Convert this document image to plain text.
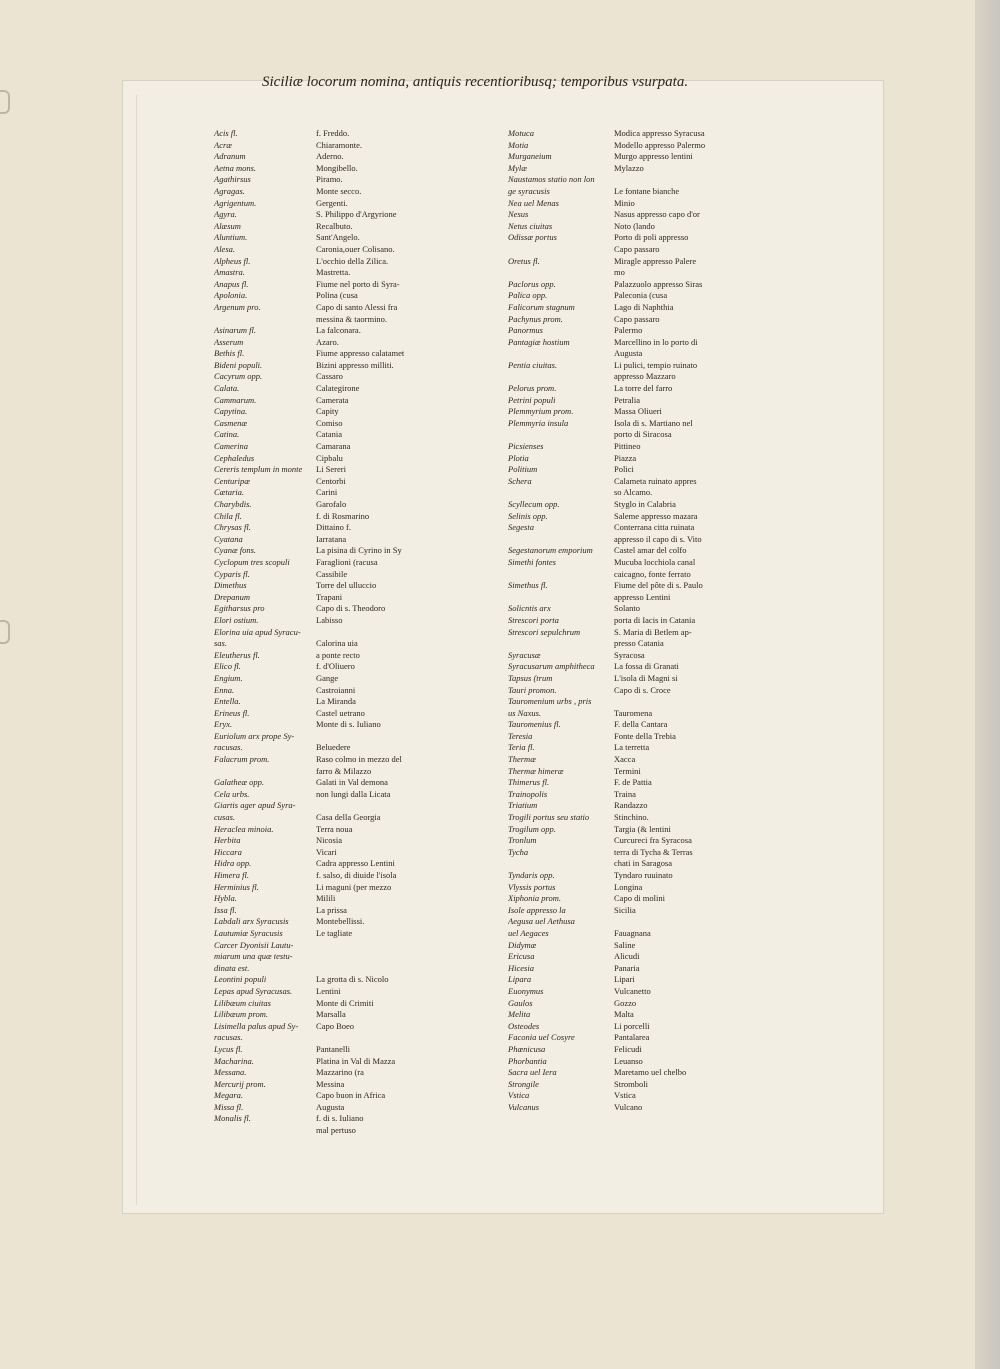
Siciliæ locorum nomina, antiquis recentioribusq; temporibus vsurpata.
Acis fl.
Acræ
Adranum
Aetna mons.
Agathirsus
Agragas.
Agrigentum.
Agyra.
Alæsum
Aluntium.
Alesa.
Alpheus fl.
Amastra.
Anapus fl.
Apolonia.
Argenum pro.
Asinarum fl.
Asserum
Bethis fl.
Bideni populi.
Cacyrum opp.
Calata.
Cammarum.
Capytina.
Casmenæ
Catina.
Camerina
Cephaledus
Cereris templum in monte
Centuripæ
Cætaria.
Charybdis.
Chila fl.
Chrysas fl.
Cyatana
Cyanæ fons.
Cyclopum tres scopuli
Cyparis fl.
Dimethus
Drepanum
Egitharsus pro
Elori ostium.
Elorina uia apud Syracu-
sas.
Eleutherus fl.
Elico fl.
Engium.
Enna.
Entella.
Erineus fl.
Eryx.
Euriolum arx prope Sy-
racusas.
Falacrum prom.
Galatheæ opp.
Cela urbs.
Giartis ager apud Syra-
cusas.
Heraclea minoia.
Herbita
Hiccara
Hidra opp.
Himera fl.
Herminius fl.
Hybla.
Issa fl.
Labdali arx Syracusis
Lautumiæ Syracusis
Carcer Dyonisii Lautu-
miarum una quæ testu-
dinata est.
Leontini populi
Lepas apud Syracusas.
Lilibæum ciuitas
Lilibæum prom.
Lisimella palus apud Sy-
racusas.
Lycus fl.
Macharina.
Messana.
Mercurij prom.
Megara.
Missa fl.
Monalis fl.
f. Freddo.
Chiaramonte.
Aderno.
Mongibello.
Piramo.
Monte secco.
Gergenti.
S. Philippo d'Argyrione
Recalbuto.
Sant'Angelo.
Caronia,ouer Colisano.
L'occhio della Zilica.
Mastretta.
Fiume nel porto di Syra-
Polina (cusa
Capo di santo Alessi fra
messina & taormino.
La falconara.
Azaro.
Fiume appresso calatamet
Bizini appresso milliti.
Cassaro
Calategirone
Camerata
Capity
Comiso
Catania
Camarana
Cipbalu
Li Sereri
Centorbi
Carini
Garofalo
f. di Rosmarino
Dittaino f.
Iarratana
La pisina di Cyrino in Sy
Faraglioni (racusa
Cassibile
Torre del ulluccio
Trapani
Capo di s. Theodoro
Labisso
Calorina uia
a ponte recto
f. d'Oliuero
Gange
Castroianni
La Miranda
Castel uetrano
Monte di s. Iuliano
Beluedere
Raso colmo in mezzo del
farro & Milazzo
Galati in Val demona
non lungi dalla Licata
Casa della Georgia
Terra noua
Nicosia
Vicari
Cadra appresso Lentini
f. salso, di diuide l'isola
Li maguni (per mezzo
Milili
La prissa
Montebellissi.
Le tagliate
La grotta di s. Nicolo
Lentini
Monte di Crimiti
Marsalla
Capo Boeo
Pantanelli
Platina in Val di Mazza
Mazzarino (ra
Messina
Capo buon in Africa
Augusta
f. di s. Iuliano
mal pertuso
Motuca
Motia
Murganeium
Mylæ
Naustamos statio non lon
ge syracusis
Nea uel Menas
Nesus
Netus ciuitas
Odissæ portus
Oretus fl.
Paclorus opp.
Palica opp.
Falicorum stagnum
Pachynus prom.
Panormus
Pantagiæ hostium
Pentia ciuitas.
Pelorus prom.
Petrini populi
Plemmyrium prom.
Plemmyria insula
Picsienses
Plotia
Politium
Schera
Scyllecum opp.
Selinis opp.
Segesta
Segestanorum emporium
Simethi fontes
Simethus fl.
Solicntis arx
Strescori porta
Strescori sepulchrum
Syracusæ
Syracusarum amphitheca
Tapsus (trum
Tauri promon.
Tauromenium urbs , pris
us Naxus.
Tauromenius fl.
Teresia
Teria fl.
Thermæ
Thermæ himeræ
Thimerus fl.
Trainopolis
Triatium
Trogili portus seu statio
Trogilum opp.
Tronlum
Tycha
Tyndaris opp.
Vlyssis portus
Xiphonia prom.
Isole appresso la
Aegusa uel Aethusa
uel Aegaces
Didymæ
Ericusa
Hicesia
Lipara
Euonymus
Gaulos
Melita
Osteodes
Faconia uel Cosyre
Phœnicusa
Phorbantia
Sacra uel Iera
Strongile
Vstica
Vulcanus
Modica appresso Syracusa
Modello appresso Palermo
Murgo appresso lentini
Mylazzo
Le fontane bianche
Minio
Nasus appresso capo d'or
Noto (lando
Porto di poli appresso
Capo passaro
Miragle appresso Palere
mo
Palazzuolo appresso Siras
Paleconia (cusa
Lago di Naphthia
Capo passaro
Palermo
Marcellino in lo porto di
Augusta
Li pulici, tempio ruinato
appresso Mazzaro
La torre del farro
Petralia
Massa Oliueri
Isola di s. Martiano nel
porto di Siracosa
Pittineo
Piazza
Polici
Calameta ruinato appres
so Alcamo.
Styglo in Calabria
Saleme appresso mazara
Conterrana citta ruinata
appresso il capo di s. Vito
Castel amar del colfo
Mucuba locchiola canal
caicagno, fonte ferrato
Fiume del pôte di s. Paulo
appresso Lentini
Solanto
porta di Iacis in Catania
S. Maria di Betlem ap-
presso Catania
Syracosa
La fossa di Granati
L'isola di Magni si
Capo di s. Croce
Tauromena
F. della Cantara
Fonte della Trebia
La terretta
Xacca
Termini
F. de Pattia
Traina
Randazzo
Stinchino.
Targia (& lentini
Curcureci fra Syracosa
terra di Tycha & Terras
chati in Saragosa
Tyndaro ruuinato
Longina
Capo di molini
Sicilia
Fauagnana
Saline
Alicudi
Panaria
Lipari
Vulcanetto
Gozzo
Malta
Li porcelli
Pantalarea
Felicudi
Leuanso
Maretamo uel chelbo
Stromboli
Vstica
Vulcano
